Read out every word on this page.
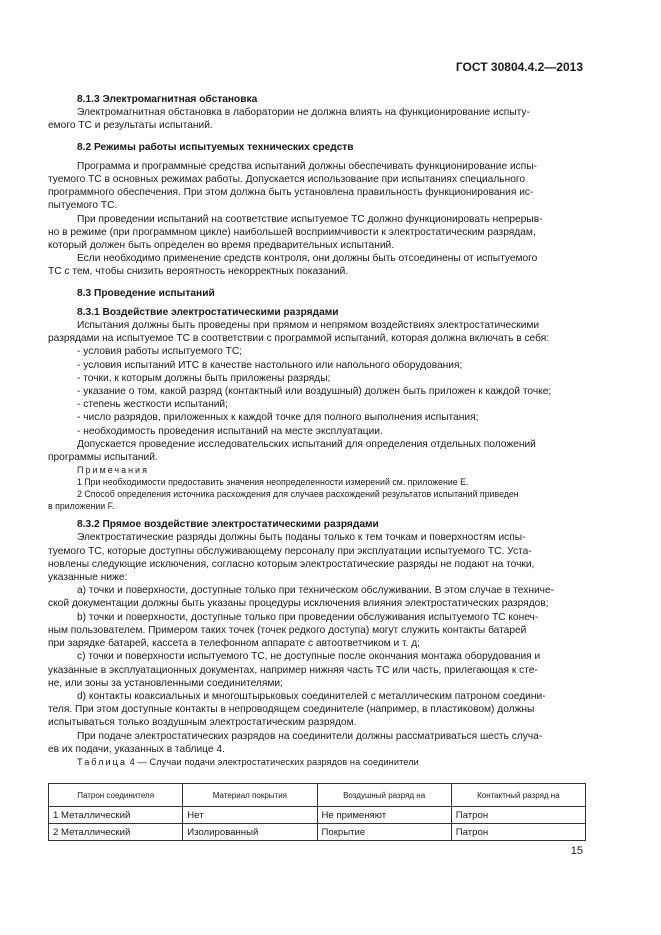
ГОСТ 30804.4.2—2013

8.1.3 Электромагнитная обстановка

Электромагнитная обстановка в лаборатории не должна влиять на функционирование испыту-

емого ТС и результаты испытаний.

8.2 Режимы работы испытуемых технических средств

Программа и программные средства испытаний должны обеспечивать функционирование испы-

туемого ТС в основных режимах работы. Допускается использование при испытаниях специального

программного обеспечения. При этом должна быть установлена правильность функционирования ис-

пытуемого ТС.

При проведении испытаний на соответствие испытуемое ТС должно функционировать непрерыв-

но в режиме (при программном цикле) наибольшей восприимчивости к электростатическим разрядам,

который должен быть определен во время предварительных испытаний.

Если необходимо применение средств контроля, они должны быть отсоединены от испытуемого

ТС с тем, чтобы снизить вероятность некорректных показаний.

8.3 Проведение испытаний

8.3.1 Воздействие электростатическими разрядами

Испытания должны быть проведены при прямом и непрямом воздействиях электростатическими

разрядами на испытуемое ТС в соответствии с программой испытаний, которая должна включать в себя:

- условия работы испытуемого ТС;

- условия испытаний ИТС в качестве настольного или напольного оборудования;

- точки, к которым должны быть приложены разряды;

- указание о том, какой разряд (контактный или воздушный) должен быть приложен к каждой точке;

- степень жесткости испытаний;

- число разрядов, приложенных к каждой точке для полного выполнения испытания;

- необходимость проведения испытаний на месте эксплуатации.

Допускается проведение исследовательских испытаний для определения отдельных положений

программы испытаний.

Примечания

1 При необходимости предоставить значения неопределенности измерений см. приложение Е.

2 Способ определения источника расхождения для случаев расхождений результатов испытаний приведен

в приложении F.

8.3.2 Прямое воздействие электростатическими разрядами

Электростатические разряды должны быть поданы только к тем точкам и поверхностям испы-

туемого ТС, которые доступны обслуживающему персоналу при эксплуатации испытуемого ТС. Уста-

новлены следующие исключения, согласно которым электростатические разряды не подают на точки,

указанные ниже:

а) точки и поверхности, доступные только при техническом обслуживании. В этом случае в техниче-

ской документации должны быть указаны процедуры исключения влияния электростатических разрядов;

b) точки и поверхности, доступные только при проведении обслуживания испытуемого ТС конеч-

ным пользователем. Примером таких точек (точек редкого доступа) могут служить контакты батарей

при зарядке батарей, кассета в телефонном аппарате с автоответчиком и т. д;

с) точки и поверхности испытуемого ТС, не доступные после окончания монтажа оборудования и

указанные в эксплуатационных документах, например нижняя часть ТС или часть, прилегающая к сте-

не, или зоны за установленными соединителями;

d) контакты коаксиальных и многоштырьковых соединителей с металлическим патроном соедини-

теля. При этом доступные контакты в непроводящем соединителе (например, в пластиковом) должны

испытываться только воздушным электростатическим разрядом.

При подаче электростатических разрядов на соединители должны рассматриваться шесть случа-

ев их подачи, указанных в таблице 4.

Таблица 4 — Случаи подачи электростатических разрядов на соединители

Патрон соединителя	Материал покрытия	Воздушный разряд на	Контактный разряд на
1 Металлический	Нет	Не применяют	Патрон
2 Металлический	Изолированный	Покрытие	Патрон
15
